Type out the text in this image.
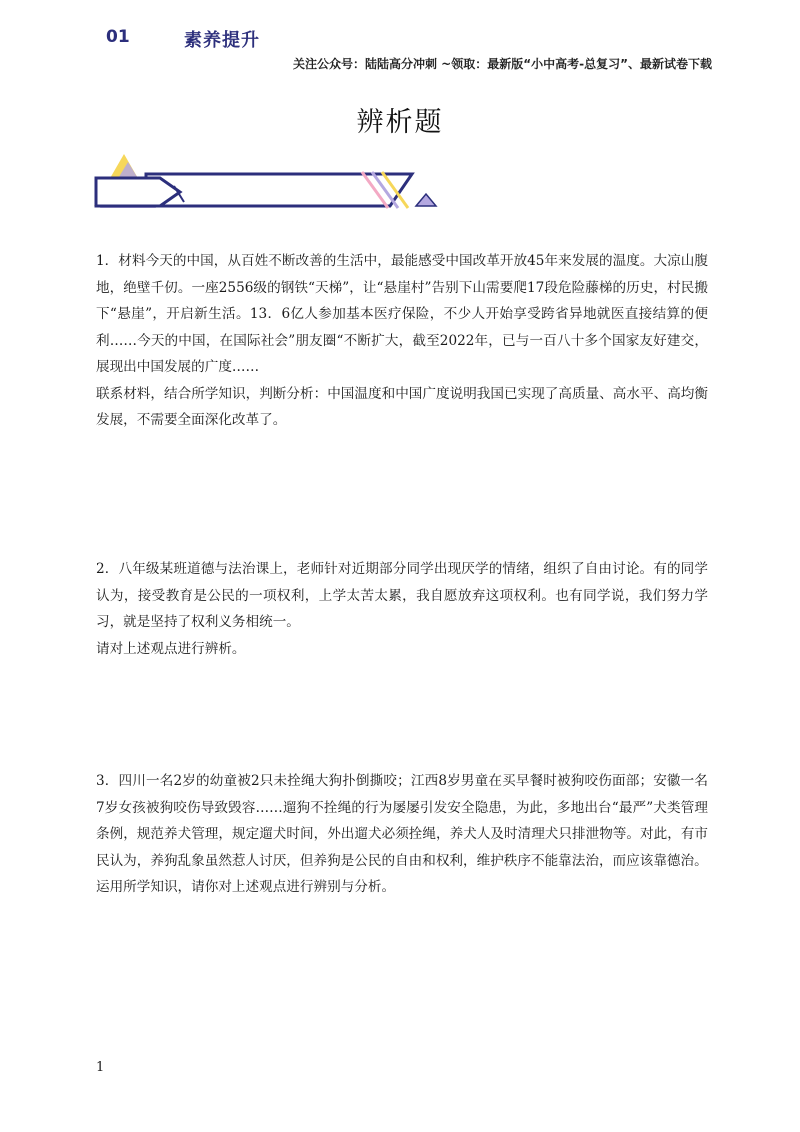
关注公众号：陆陆高分冲刺 ~领取：最新版“小中高考-总复习”、最新试卷下载
辨析题
01	素养提升

1．材料今天的中国，从百姓不断改善的生活中，最能感受中国改革开放45年来发展的温度。大凉山腹地，绝壁千仞。一座2556级的钢铁“天梯”，让“悬崖村”告别下山需要爬17段危险藤梯的历史，村民搬下“悬崖”，开启新生活。13．6亿人参加基本医疗保险，不少人开始享受跨省异地就医直接结算的便利……今天的中国，在国际社会”朋友圈“不断扩大，截至2022年，已与一百八十多个国家友好建交，展现出中国发展的广度……

联系材料，结合所学知识，判断分析：中国温度和中国广度说明我国已实现了高质量、高水平、高均衡发展，不需要全面深化改革了。

2．八年级某班道德与法治课上，老师针对近期部分同学出现厌学的情绪，组织了自由讨论。有的同学认为，接受教育是公民的一项权利，上学太苦太累，我自愿放弃这项权利。也有同学说，我们努力学习，就是坚持了权利义务相统一。

请对上述观点进行辨析。

3．四川一名2岁的幼童被2只未拴绳大狗扑倒撕咬；江西8岁男童在买早餐时被狗咬伤面部；安徽一名7岁女孩被狗咬伤导致毁容……遛狗不拴绳的行为屡屡引发安全隐患，为此，多地出台“最严”犬类管理条例，规范养犬管理，规定遛犬时间，外出遛犬必须拴绳，养犬人及时清理犬只排泄物等。对此，有市民认为，养狗乱象虽然惹人讨厌，但养狗是公民的自由和权利，维护秩序不能靠法治，而应该靠德治。

运用所学知识，请你对上述观点进行辨别与分析。

1
